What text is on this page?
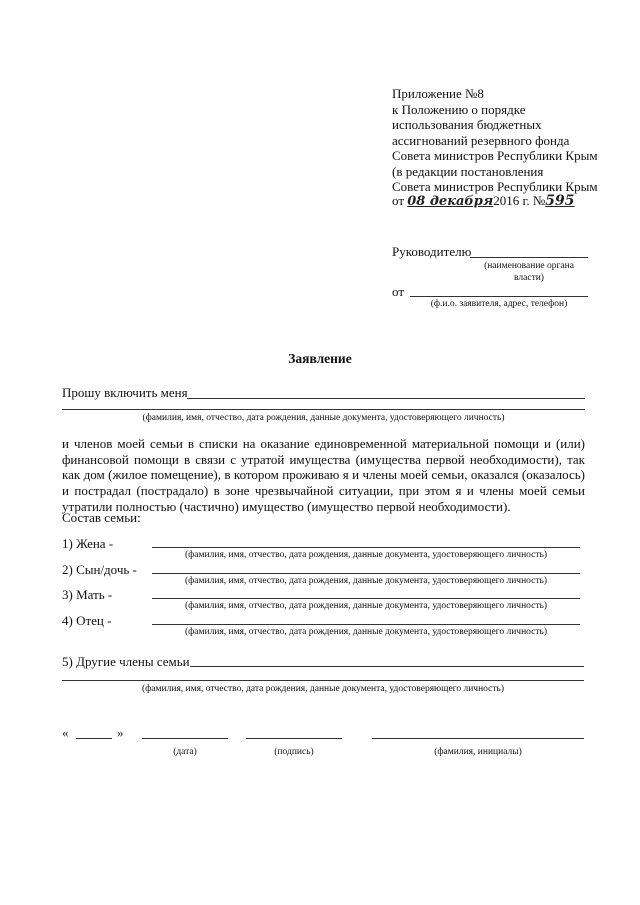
Приложение №8
к Положению о порядке
использования бюджетных
ассигнований резервного фонда
Совета министров Республики Крым
(в редакции постановления
Совета министров Республики Крым
от 08 декабря2016 г. №595
Руководителю
(наименование органа
власти)
от
(ф.и.о. заявителя, адрес, телефон)
Заявление
Прошу включить меня
(фамилия, имя, отчество, дата рождения, данные документа, удостоверяющего личность)
и членов моей семьи в списки на оказание единовременной материальной помощи и (или) финансовой помощи в связи с утратой имущества (имущества первой необходимости), так как дом (жилое помещение), в котором проживаю я и члены моей семьи, оказался (оказалось) и пострадал (пострадало) в зоне чрезвычайной ситуации, при этом я и члены моей семьи утратили полностью (частично) имущество (имущество первой необходимости).
Состав семьи:
1) Жена -
(фамилия, имя, отчество, дата рождения, данные документа, удостоверяющего личность)
2) Сын/дочь -
(фамилия, имя, отчество, дата рождения, данные документа, удостоверяющего личность)
3) Мать -
(фамилия, имя, отчество, дата рождения, данные документа, удостоверяющего личность)
4) Отец -
(фамилия, имя, отчество, дата рождения, данные документа, удостоверяющего личность)
5) Другие члены семьи
(фамилия, имя, отчество, дата рождения, данные документа, удостоверяющего личность)
«	»
(дата)	(подпись)	(фамилия, инициалы)
